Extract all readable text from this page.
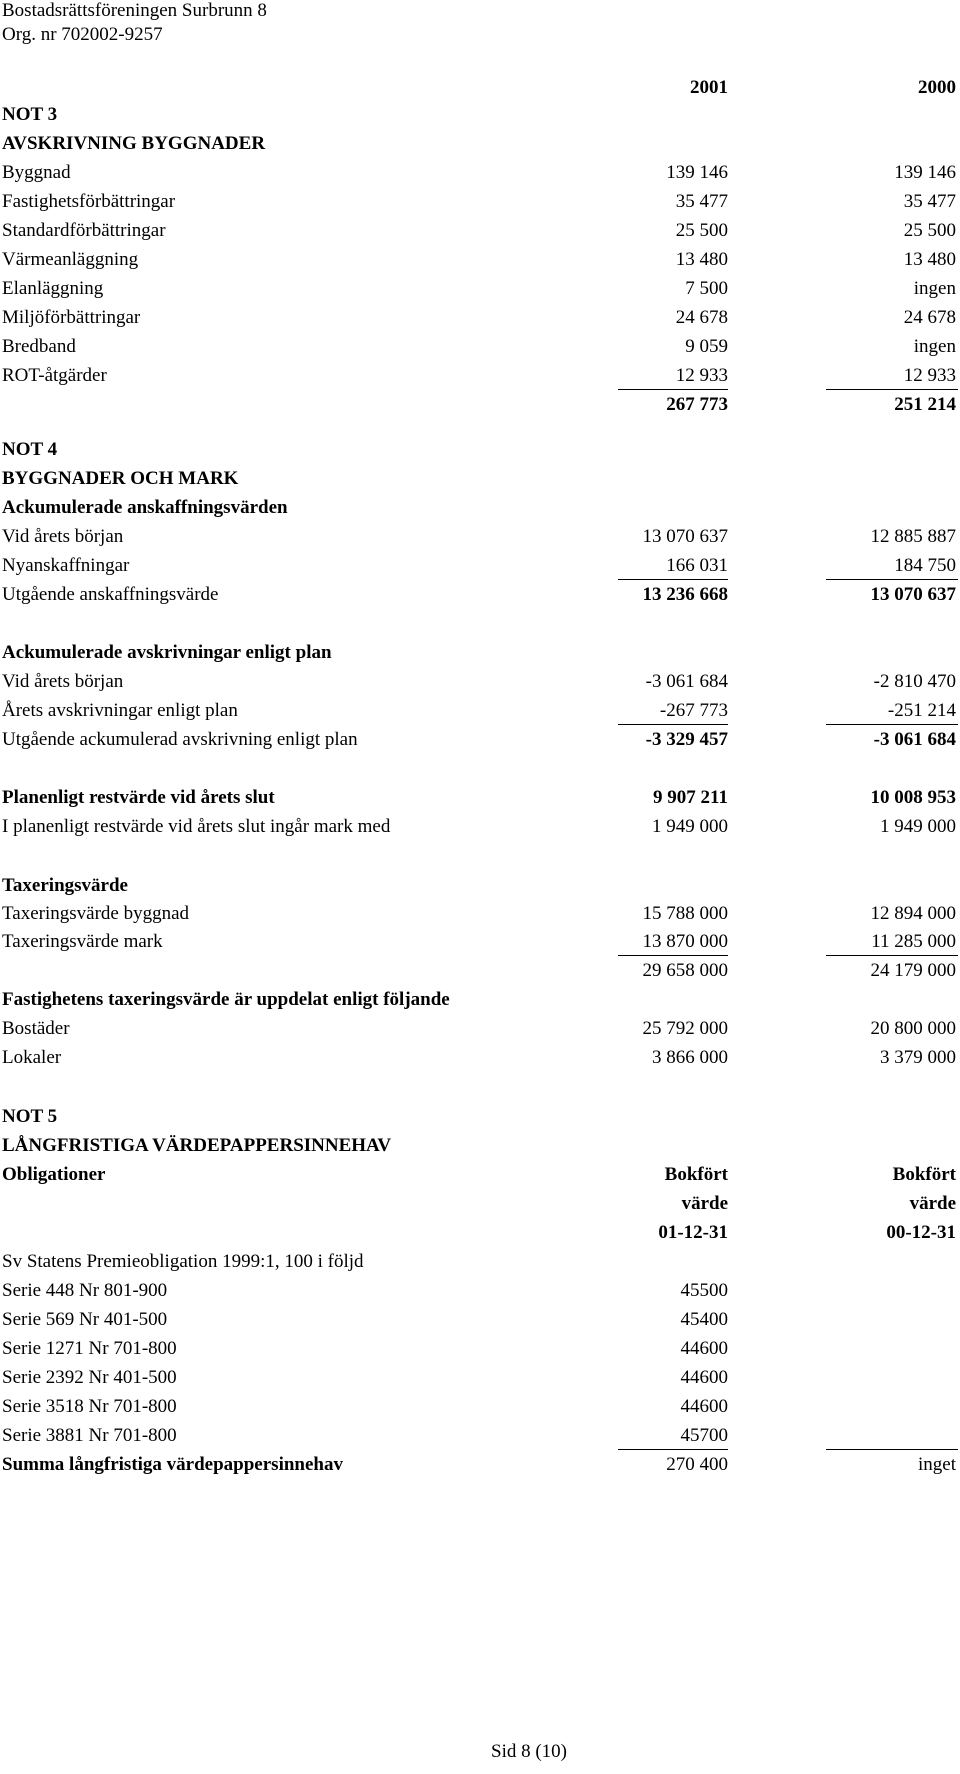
Bostadsrättsföreningen Surbrunn 8
Org. nr 702002-9257
2001	2000
NOT 3
AVSKRIVNING BYGGNADER
Byggnad	139 146	139 146
Fastighetsförbättringar	35 477	35 477
Standardförbättringar	25 500	25 500
Värmeanläggning	13 480	13 480
Elanläggning	7 500	ingen
Miljöförbättringar	24 678	24 678
Bredband	9 059	ingen
ROT-åtgärder	12 933	12 933
267 773	251 214
NOT 4
BYGGNADER OCH MARK
Ackumulerade anskaffningsvärden
Vid årets början	13 070 637	12 885 887
Nyanskaffningar	166 031	184 750
Utgående anskaffningsvärde	13 236 668	13 070 637
Ackumulerade avskrivningar enligt plan
Vid årets början	-3 061 684	-2 810 470
Årets avskrivningar enligt plan	-267 773	-251 214
Utgående ackumulerad avskrivning enligt plan	-3 329 457	-3 061 684
Planenligt restvärde vid årets slut	9 907 211	10 008 953
I planenligt restvärde vid årets slut ingår mark med	1 949 000	1 949 000
Taxeringsvärde
Taxeringsvärde byggnad	15 788 000	12 894 000
Taxeringsvärde mark	13 870 000	11 285 000
29 658 000	24 179 000
Fastighetens taxeringsvärde är uppdelat enligt följande
Bostäder	25 792 000	20 800 000
Lokaler	3 866 000	3 379 000
NOT 5
LÅNGFRISTIGA VÄRDEPAPPERSINNEHAV
Obligationer	Bokfört	Bokfört
värde	värde
01-12-31	00-12-31
Sv Statens Premieobligation 1999:1, 100 i följd
Serie 448 Nr 801-900	45500
Serie 569 Nr 401-500	45400
Serie 1271 Nr 701-800	44600
Serie 2392 Nr 401-500	44600
Serie 3518 Nr 701-800	44600
Serie 3881 Nr 701-800	45700
Summa långfristiga värdepappersinnehav	270 400	inget
Sid 8 (10)
